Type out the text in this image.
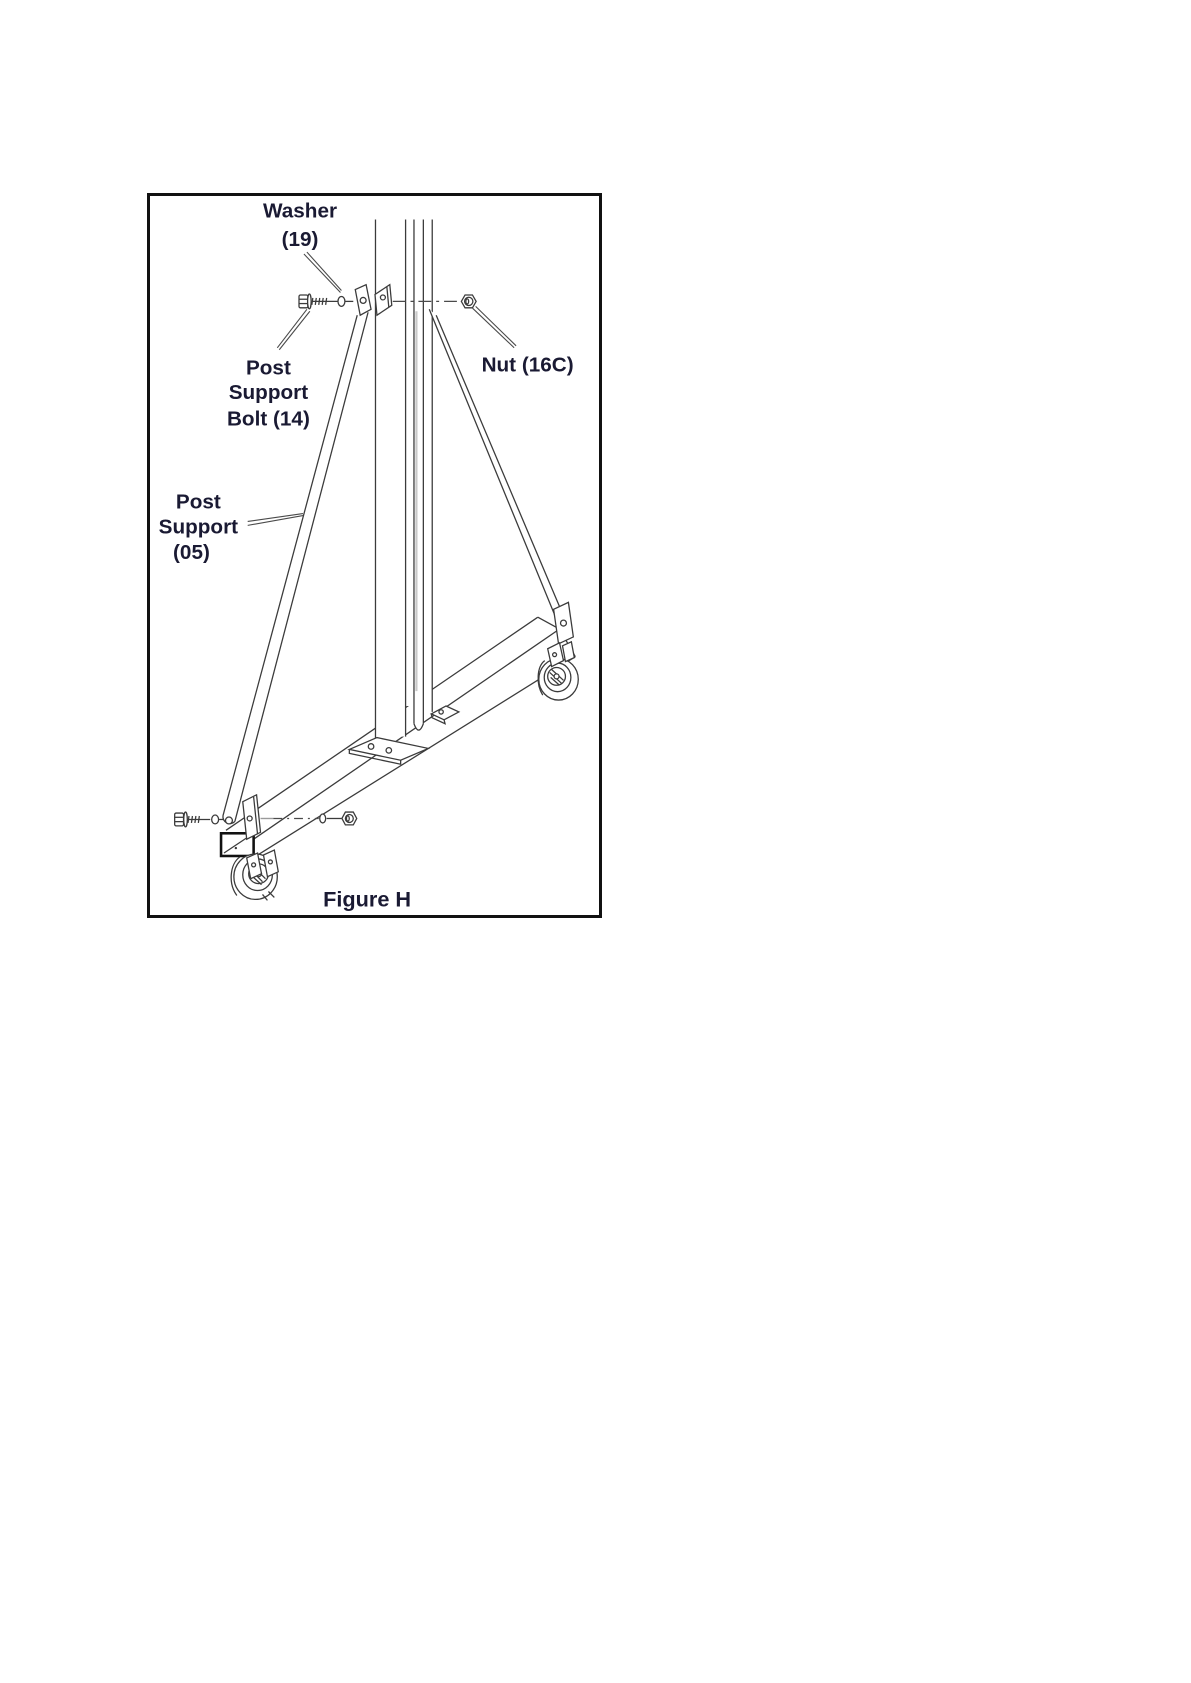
Washer
(19)
Post
Support
Bolt (14)
Post
Support
(05)
Nut (16C)
Figure H
